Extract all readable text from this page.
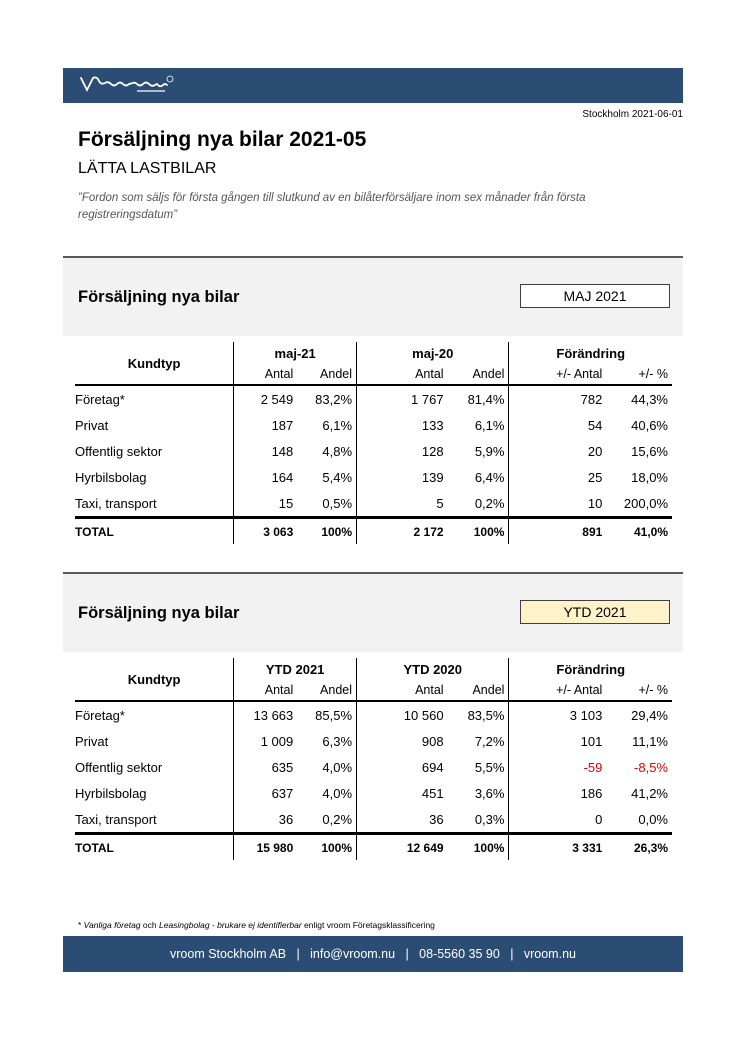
Stockholm 2021-06-01
Försäljning nya bilar 2021-05
LÄTTA LASTBILAR
”Fordon som säljs för första gången till slutkund av en bilåterförsäljare inom sex månader från första registreringsdatum”
Försäljning nya bilar	MAJ 2021
Kundtyp	maj-21		maj-20		Förändring	
	Antal	Andel	Antal	Andel	+/- Antal	+/- %
Företag*	2 549	83,2%	1 767	81,4%	782	44,3%
Privat	187	6,1%	133	6,1%	54	40,6%
Offentlig sektor	148	4,8%	128	5,9%	20	15,6%
Hyrbilsbolag	164	5,4%	139	6,4%	25	18,0%
Taxi, transport	15	0,5%	5	0,2%	10	200,0%
TOTAL	3 063	100%	2 172	100%	891	41,0%
Försäljning nya bilar	YTD 2021
Kundtyp	YTD 2021		YTD 2020		Förändring	
	Antal	Andel	Antal	Andel	+/- Antal	+/- %
Företag*	13 663	85,5%	10 560	83,5%	3 103	29,4%
Privat	1 009	6,3%	908	7,2%	101	11,1%
Offentlig sektor	635	4,0%	694	5,5%	-59	-8,5%
Hyrbilsbolag	637	4,0%	451	3,6%	186	41,2%
Taxi, transport	36	0,2%	36	0,3%	0	0,0%
TOTAL	15 980	100%	12 649	100%	3 331	26,3%
* Vanliga företag och Leasingbolag - brukare ej identifierbar enligt vroom Företagsklassificering
vroom Stockholm AB   |   info@vroom.nu   |   08-5560 35 90   |   vroom.nu
